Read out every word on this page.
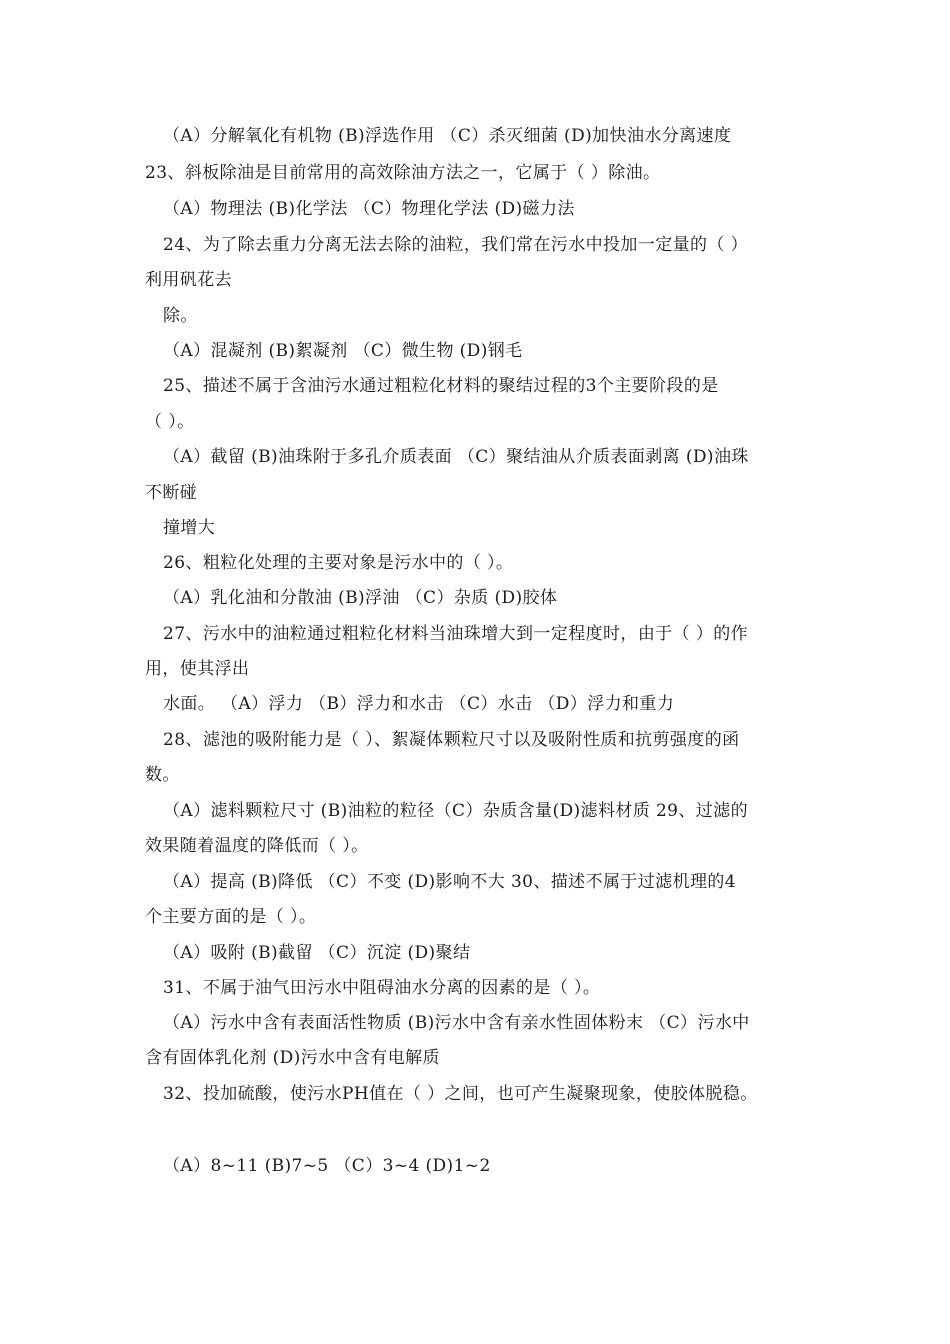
（A）分解氧化有机物 (B)浮选作用 （C）杀灭细菌 (D)加快油水分离速度
23、斜板除油是目前常用的高效除油方法之一，它属于（ ）除油。
（A）物理法 (B)化学法 （C）物理化学法 (D)磁力法
24、为了除去重力分离无法去除的油粒，我们常在污水中投加一定量的（ ）
利用矾花去
除。
（A）混凝剂 (B)絮凝剂 （C）微生物 (D)钢毛
25、描述不属于含油污水通过粗粒化材料的聚结过程的3个主要阶段的是
（ ）。
（A）截留 (B)油珠附于多孔介质表面 （C）聚结油从介质表面剥离 (D)油珠
不断碰
撞增大
26、粗粒化处理的主要对象是污水中的（ ）。
（A）乳化油和分散油 (B)浮油 （C）杂质 (D)胶体
27、污水中的油粒通过粗粒化材料当油珠增大到一定程度时，由于（ ）的作
用，使其浮出
水面。 （A）浮力 （B）浮力和水击 （C）水击 （D）浮力和重力
28、滤池的吸附能力是（ ）、絮凝体颗粒尺寸以及吸附性质和抗剪强度的函
数。
（A）滤料颗粒尺寸 (B)油粒的粒径（C）杂质含量(D)滤料材质 29、过滤的
效果随着温度的降低而（ ）。
（A）提高 (B)降低 （C）不变 (D)影响不大 30、描述不属于过滤机理的4
个主要方面的是（ ）。
（A）吸附 (B)截留 （C）沉淀 (D)聚结
31、不属于油气田污水中阻碍油水分离的因素的是（ ）。
（A）污水中含有表面活性物质 (B)污水中含有亲水性固体粉末 （C）污水中
含有固体乳化剂 (D)污水中含有电解质
32、投加硫酸，使污水PH值在（ ）之间，也可产生凝聚现象，使胶体脱稳。
（A）8~11 (B)7~5 （C）3~4 (D)1~2
